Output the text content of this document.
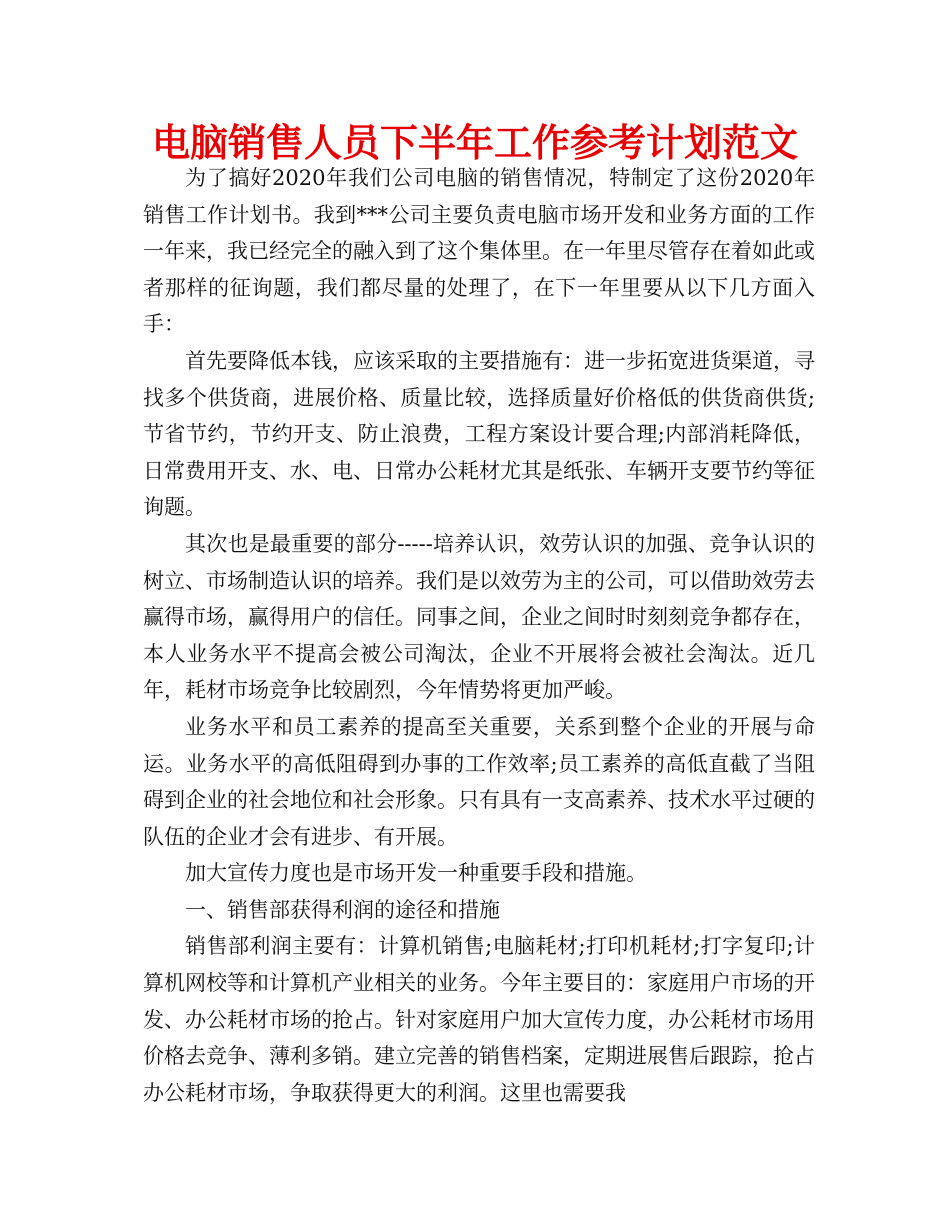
电脑销售人员下半年工作参考计划范文

为了搞好2020年我们公司电脑的销售情况，特制定了这份2020年销售工作计划书。我到***公司主要负责电脑市场开发和业务方面的工作一年来，我已经完全的融入到了这个集体里。在一年里尽管存在着如此或者那样的征询题，我们都尽量的处理了，在下一年里要从以下几方面入手：

首先要降低本钱，应该采取的主要措施有：进一步拓宽进货渠道，寻找多个供货商，进展价格、质量比较，选择质量好价格低的供货商供货;节省节约，节约开支、防止浪费，工程方案设计要合理;内部消耗降低，日常费用开支、水、电、日常办公耗材尤其是纸张、车辆开支要节约等征询题。

其次也是最重要的部分-----培养认识，效劳认识的加强、竞争认识的树立、市场制造认识的培养。我们是以效劳为主的公司，可以借助效劳去赢得市场，赢得用户的信任。同事之间，企业之间时时刻刻竞争都存在，本人业务水平不提高会被公司淘汰，企业不开展将会被社会淘汰。近几年，耗材市场竞争比较剧烈，今年情势将更加严峻。

业务水平和员工素养的提高至关重要，关系到整个企业的开展与命运。业务水平的高低阻碍到办事的工作效率;员工素养的高低直截了当阻碍到企业的社会地位和社会形象。只有具有一支高素养、技术水平过硬的队伍的企业才会有进步、有开展。

加大宣传力度也是市场开发一种重要手段和措施。

一、销售部获得利润的途径和措施

销售部利润主要有：计算机销售;电脑耗材;打印机耗材;打字复印;计算机网校等和计算机产业相关的业务。今年主要目的：家庭用户市场的开发、办公耗材市场的抢占。针对家庭用户加大宣传力度，办公耗材市场用价格去竞争、薄利多销。建立完善的销售档案，定期进展售后跟踪，抢占办公耗材市场，争取获得更大的利润。这里也需要我
